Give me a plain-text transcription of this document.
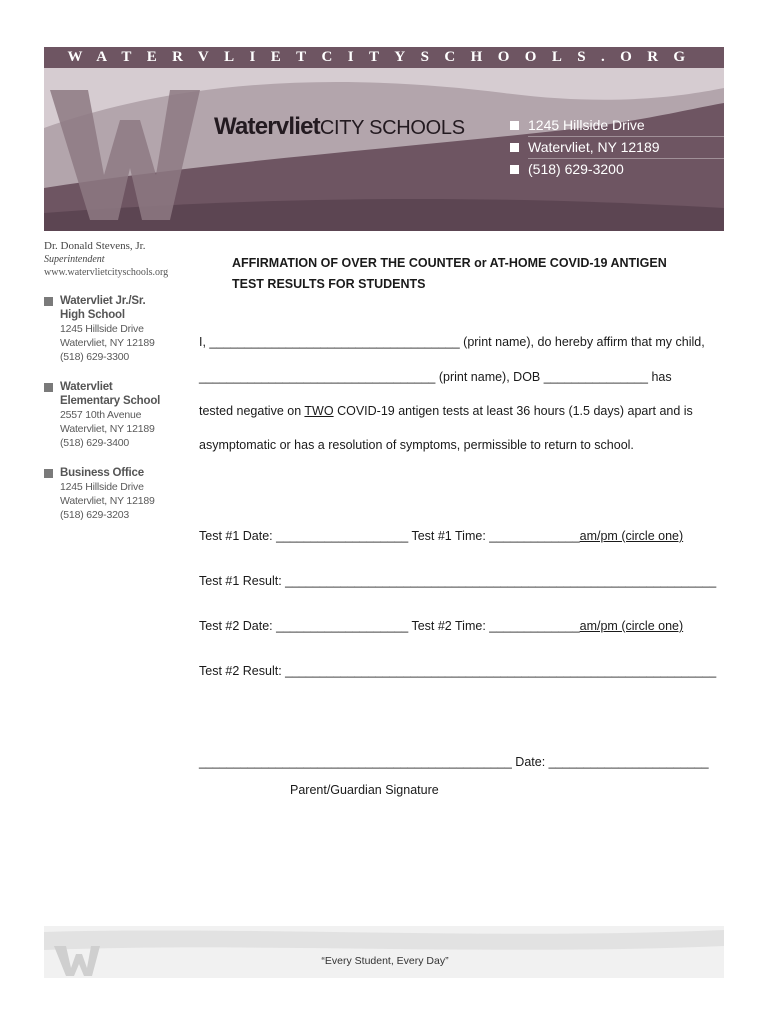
WATERVLIETCITYSCHOOLS.ORG
WatervlietCITY SCHOOLS	1245 Hillside Drive
Watervliet, NY 12189
(518) 629-3200
Dr. Donald Stevens, Jr.
Superintendent
www.watervlietcityschools.org
Watervliet Jr./Sr.
High School
1245 Hillside Drive
Watervliet, NY 12189
(518) 629-3300
Watervliet
Elementary School
2557 10th Avenue
Watervliet, NY 12189
(518) 629-3400
Business Office
1245 Hillside Drive
Watervliet, NY 12189
(518) 629-3203
AFFIRMATION OF OVER THE COUNTER or AT-HOME COVID-19 ANTIGEN
TEST RESULTS FOR STUDENTS
I, ____________________________________ (print name), do hereby affirm that my child,
__________________________________ (print name), DOB _______________ has
tested negative on TWO COVID-19 antigen tests at least 36 hours (1.5 days) apart and is
asymptomatic or has a resolution of symptoms, permissible to return to school.
Test #1 Date: ___________________ Test #1 Time: _____________am/pm (circle one)
Test #1 Result: ______________________________________________________________
Test #2 Date: ___________________ Test #2 Time: _____________am/pm (circle one)
Test #2 Result: ______________________________________________________________
_____________________________________________ Date: _______________________
Parent/Guardian Signature
“Every Student, Every Day”
